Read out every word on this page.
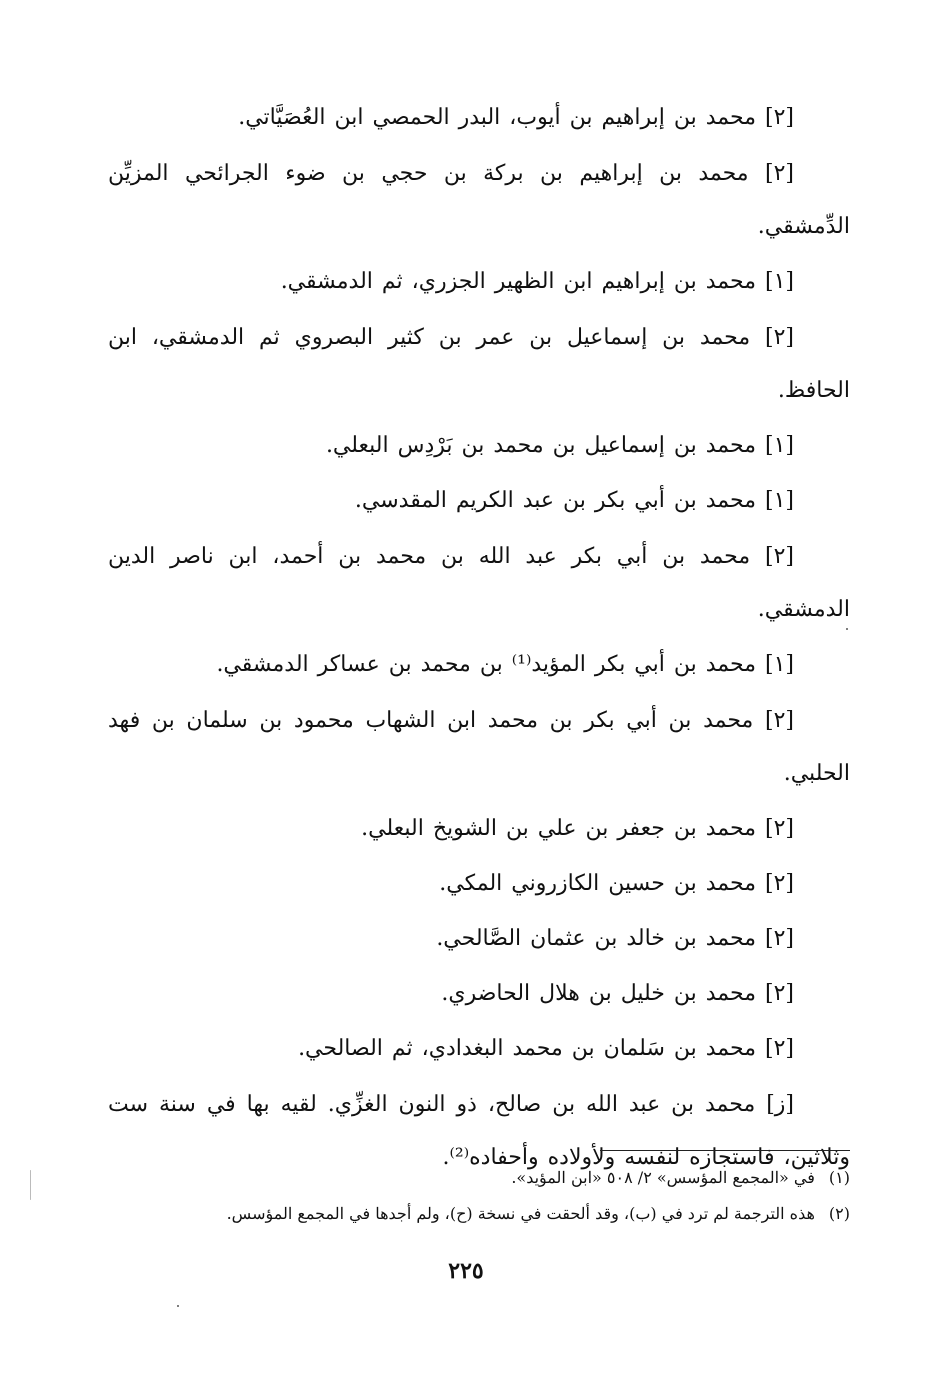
[٢] محمد بن إبراهيم بن أيوب، البدر الحمصي ابن العُصَيَّاتي.

[٢] محمد بن إبراهيم بن بركة بن حجي بن ضوء الجرائحي المزيِّن الدِّمشقي.

[١] محمد بن إبراهيم ابن الظهير الجزري، ثم الدمشقي.

[٢] محمد بن إسماعيل بن عمر بن كثير البصروي ثم الدمشقي، ابن الحافظ.

[١] محمد بن إسماعيل بن محمد بن بَرْدِس البعلي.

[١] محمد بن أبي بكر بن عبد الكريم المقدسي.

[٢] محمد بن أبي بكر عبد الله بن محمد بن أحمد، ابن ناصر الدين الدمشقي.

[١] محمد بن أبي بكر المؤيد⁽¹⁾ بن محمد بن عساكر الدمشقي.

[٢] محمد بن أبي بكر بن محمد ابن الشهاب محمود بن سلمان بن فهد الحلبي.

[٢] محمد بن جعفر بن علي بن الشويخ البعلي.

[٢] محمد بن حسين الكازروني المكي.

[٢] محمد بن خالد بن عثمان الصَّالحي.

[٢] محمد بن خليل بن هلال الحاضري.

[٢] محمد بن سَلمان بن محمد البغدادي، ثم الصالحي.

[ز] محمد بن عبد الله بن صالح، ذو النون الغزِّي. لقيه بها في سنة ست وثلاثين، فاستجازه لنفسه ولأولاده وأحفاده⁽²⁾.

(١)في «المجمع المؤسس» ٢/ ٥٠٨ «ابن المؤيد».

(٢)هذه الترجمة لم ترد في (ب)، وقد ألحقت في نسخة (ح)، ولم أجدها في المجمع المؤسس.

٢٢٥
